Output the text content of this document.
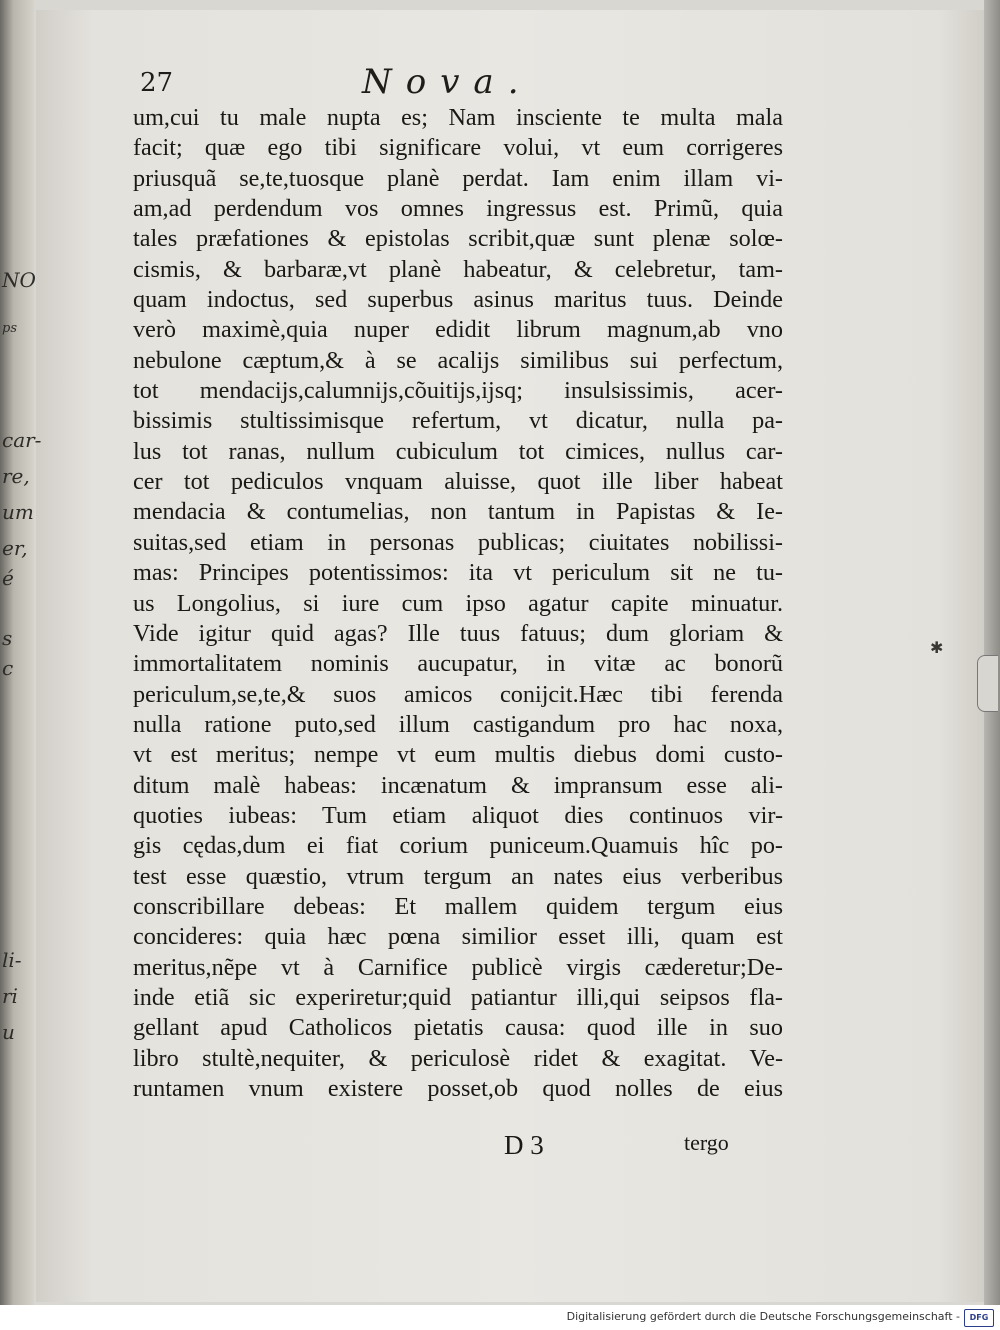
NO
ps
car-
re,
um
er,
é
s
c
li-
ri
u
27	Nova.
um,cui tu male nupta es; Nam insciente te multa mala
facit; quæ ego tibi significare volui, vt eum corrigeres
priusquã se,te,tuosque planè perdat. Iam enim illam vi-
am,ad perdendum vos omnes ingressus est. Primũ, quia
tales præfationes & epistolas scribit,quæ sunt plenæ solœ-
cismis, & barbaræ,vt planè habeatur, & celebretur, tam-
quam indoctus, sed superbus asinus maritus tuus. Deinde
verò maximè,quia nuper edidit librum magnum,ab vno
nebulone cæptum,& à se acalijs similibus sui perfectum,
tot mendacijs,calumnijs,cõuitijs,ijsq; insulsissimis, acer-
bissimis stultissimisque refertum, vt dicatur, nulla pa-
lus tot ranas, nullum cubiculum tot cimices, nullus car-
cer tot pediculos vnquam aluisse, quot ille liber habeat
mendacia & contumelias, non tantum in Papistas & Ie-
suitas,sed etiam in personas publicas; ciuitates nobilissi-
mas: Principes potentissimos: ita vt periculum sit ne tu-
us Longolius, si iure cum ipso agatur capite minuatur.
Vide igitur quid agas? Ille tuus fatuus; dum gloriam &
immortalitatem nominis aucupatur, in vitæ ac bonorũ
periculum,se,te,& suos amicos conijcit.Hæc tibi ferenda
nulla ratione puto,sed illum castigandum pro hac noxa,
vt est meritus; nempe vt eum multis diebus domi custo-
ditum malè habeas: incænatum & impransum esse ali-
quoties iubeas: Tum etiam aliquot dies continuos vir-
gis cędas,dum ei fiat corium puniceum.Quamuis hîc po-
test esse quæstio, vtrum tergum an nates eius verberibus
conscribillare debeas: Et mallem quidem tergum eius
concideres: quia hæc pœna similior esset illi, quam est
meritus,nẽpe vt à Carnifice publicè virgis cæderetur;De-
inde etiã sic experiretur;quid patiantur illi,qui seipsos fla-
gellant apud Catholicos pietatis causa: quod ille in suo
libro stultè,nequiter, & periculosè ridet & exagitat. Ve-
runtamen vnum existere posset,ob quod nolles de eius
D 3	tergo
✱
Digitalisierung gefördert durch die Deutsche Forschungsgemeinschaft -	DFG
